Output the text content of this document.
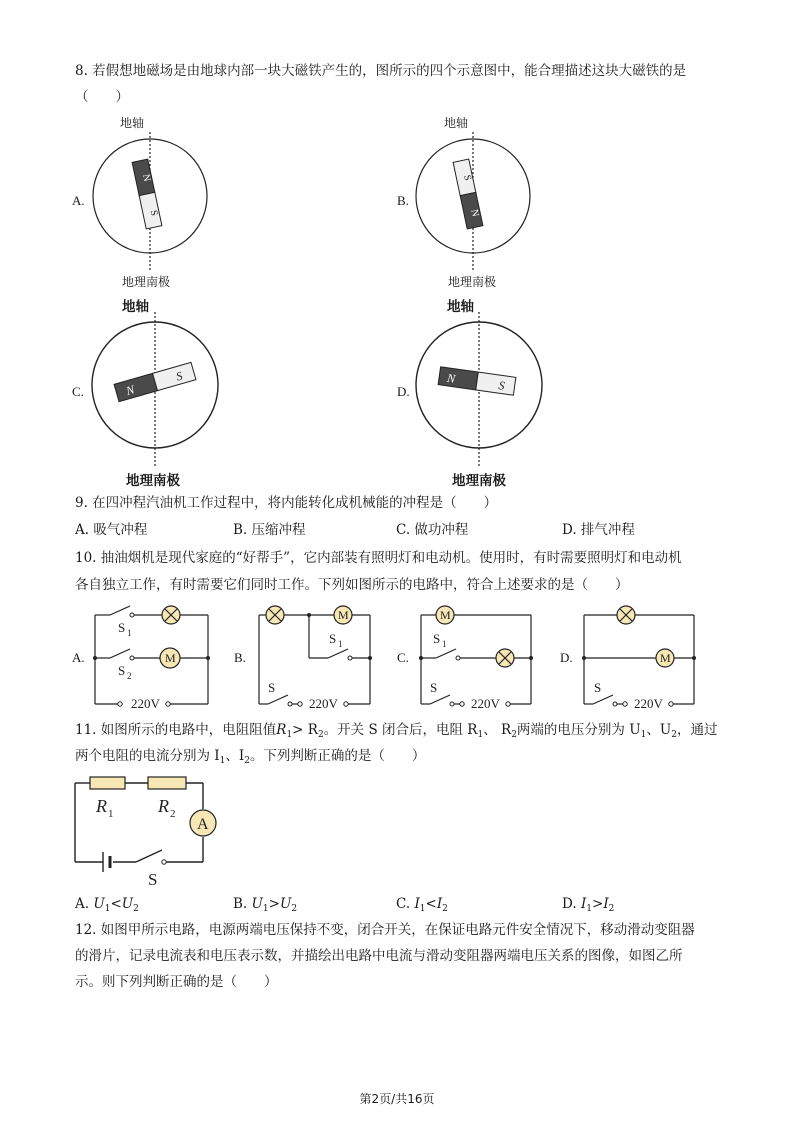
8. 若假想地磁场是由地球内部一块大磁铁产生的，图所示的四个示意图中，能合理描述这块大磁铁的是
（　　）
A.
地轴
地理南极
N
S
B.
地轴
地理南极
S
N
C.
地轴
地理南极
N
S
D.
地轴
地理南极
N	S
9. 在四冲程汽油机工作过程中，将内能转化成机械能的冲程是（　　）
A. 吸气冲程	B. 压缩冲程	C. 做功冲程	D. 排气冲程
10. 抽油烟机是现代家庭的“好帮手”，它内部装有照明灯和电动机。使用时，有时需要照明灯和电动机
各自独立工作，有时需要它们同时工作。下列如图所示的电路中，符合上述要求的是（　　）
A.	B.	C.	D.
M
M	M
M
S 1
S 2
220V
S 1
S
220V
S 1
S
220V
S
220V
11. 如图所示的电路中，电阻阻值$R_1> R_2$。开关 S 闭合后，电阻 $R_1$、 $R_2$两端的电压分别为 $U_1$、$U_2$，通过
两个电阻的电流分别为 $I_1$、$I_2$。下列判断正确的是（　　）
R 1 R 2
A
S
A. $U_1<U_2$	B. $U_1>U_2$	C. $I_1<I_2$	D. $I_1>I_2$
12. 如图甲所示电路，电源两端电压保持不变，闭合开关，在保证电路元件安全情况下，移动滑动变阻器
的滑片，记录电流表和电压表示数，并描绘出电路中电流与滑动变阻器两端电压关系的图像，如图乙所
示。则下列判断正确的是（　　）
第2页/共16页
